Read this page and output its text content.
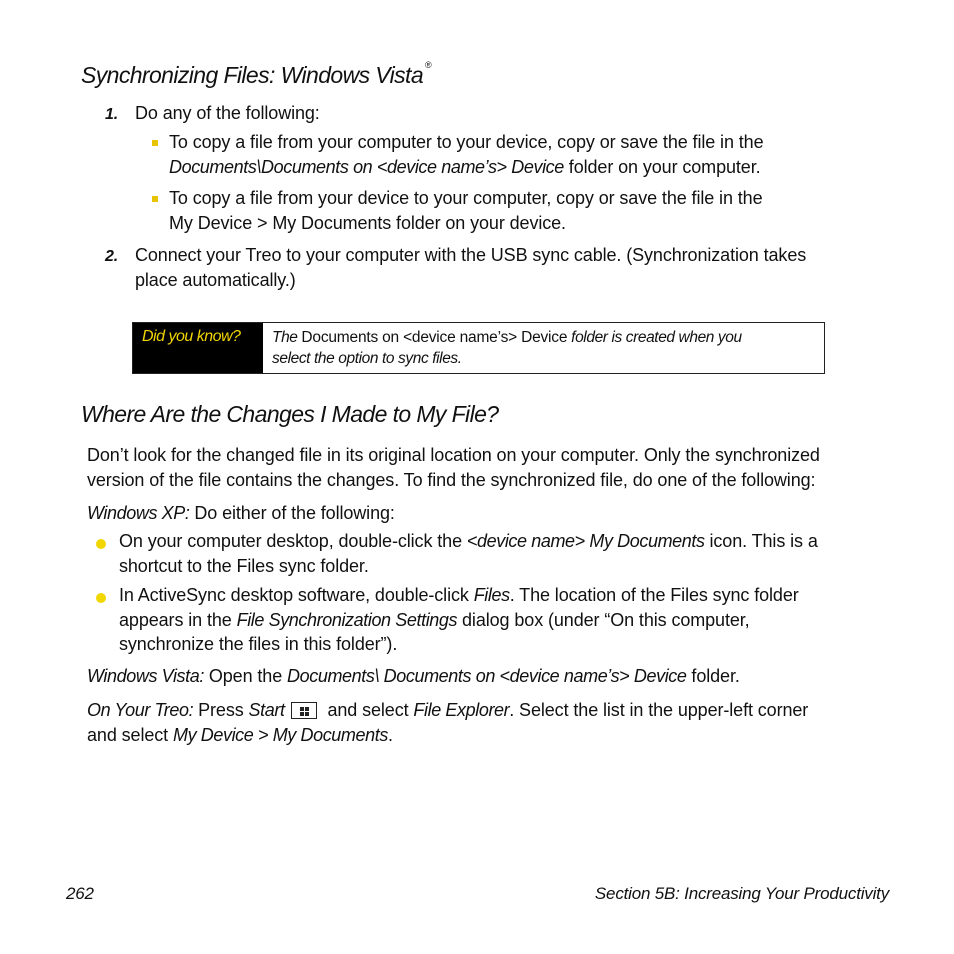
Synchronizing Files: Windows Vista ®
1. Do any of the following:
To copy a file from your computer to your device, copy or save the file in the
Documents\Documents on <device name’s> Device folder on your computer.
To copy a file from your device to your computer, copy or save the file in the
My Device > My Documents folder on your device.
2. Connect your Treo to your computer with the USB sync cable. (Synchronization takes
place automatically.)
Did you know? The Documents on <device name’s> Device folder is created when you
select the option to sync files.
Where Are the Changes I Made to My File?
Don’t look for the changed file in its original location on your computer. Only the synchronized
version of the file contains the changes. To find the synchronized file, do one of the following:
Windows XP: Do either of the following:
On your computer desktop, double-click the <device name> My Documents icon. This is a
shortcut to the Files sync folder.
In ActiveSync desktop software, double-click Files. The location of the Files sync folder
appears in the File Synchronization Settings dialog box (under “On this computer,
synchronize the files in this folder”).
Windows Vista: Open the Documents\ Documents on <device name’s> Device folder.
On Your Treo: Press Start
and select File Explorer. Select the list in the upper-left corner
and select My Device > My Documents.
262	Section 5B: Increasing Your Productivity
